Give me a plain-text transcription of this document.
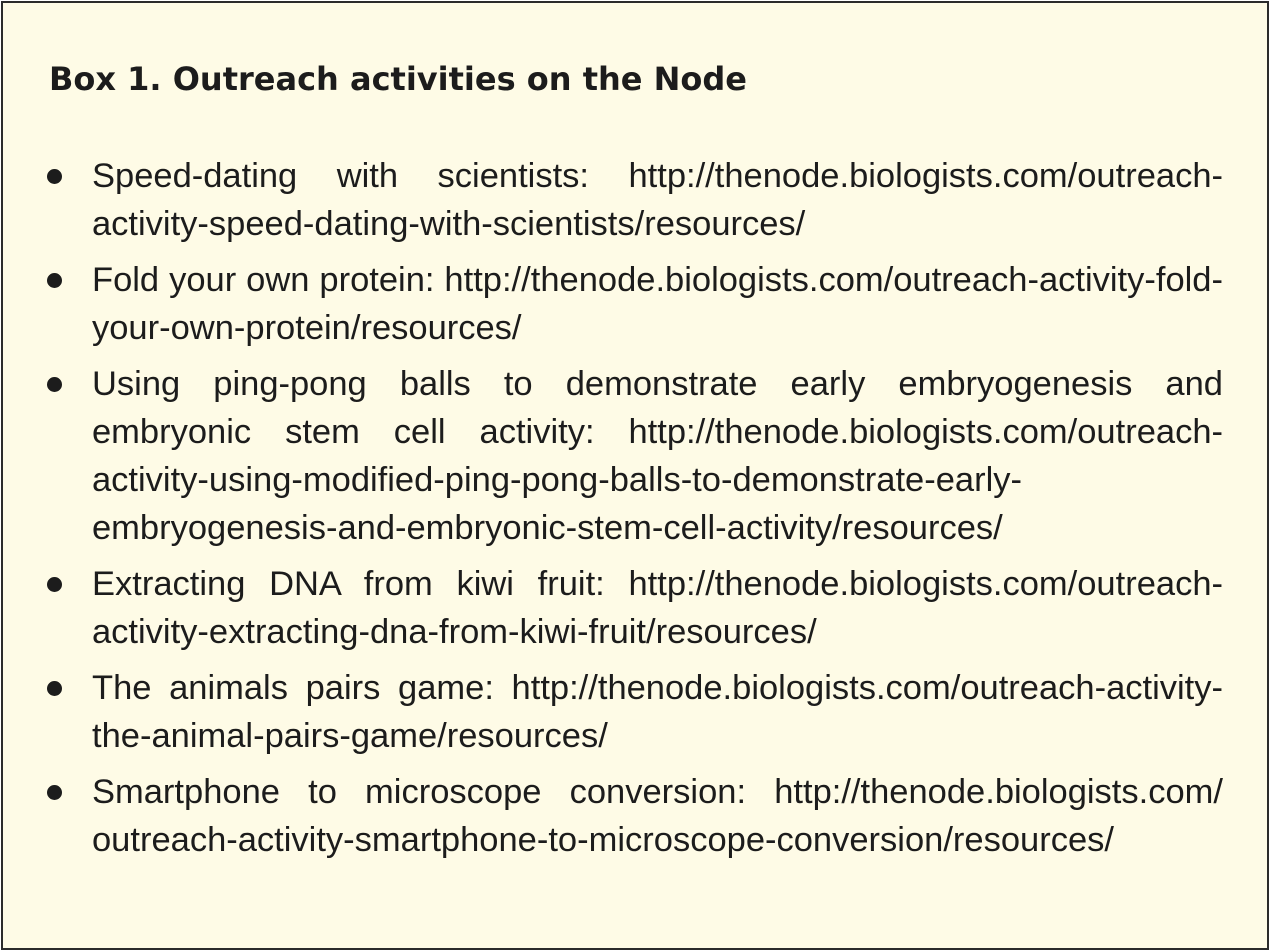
Box 1. Outreach activities on the Node
Speed-dating with scientists: http:/​/​thenode.biologists.com/​outreach-activity-speed-dating-with-scientists/​resources/​
Fold your own protein: http:/​/​thenode.biologists.com/​outreach-activity-fold-your-own-protein/​resources/​
Using ping-pong balls to demonstrate early embryogenesis and embryonic stem cell activity: http:/​/​thenode.biologists.com/​outreach-activity-using-modified-ping-pong-balls-to-demonstrate-early-embryogenesis-and-embryonic-stem-cell-activity/​resources/​
Extracting DNA from kiwi fruit: http:/​/​thenode.biologists.com/​outreach-activity-extracting-dna-from-kiwi-fruit/​resources/​
The animals pairs game: http:/​/​thenode.biologists.com/​outreach-activity-the-animal-pairs-game/​resources/​
Smartphone to microscope conversion: http:/​/​thenode.biologists.com/​outreach-activity-smartphone-to-microscope-conversion/​resources/​
